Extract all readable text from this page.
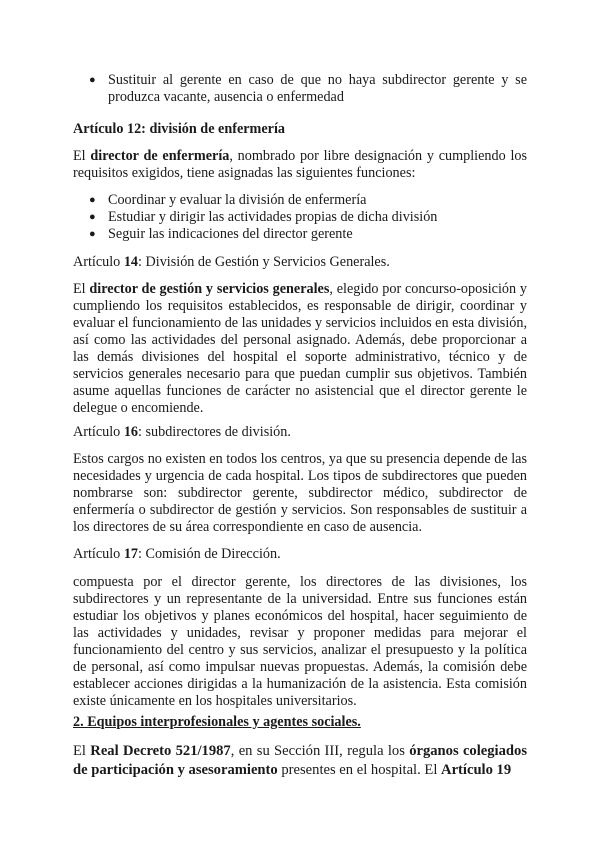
● Sustituir al gerente en caso de que no haya subdirector gerente y se produzca vacante, ausencia o enfermedad

Artículo 12: división de enfermería

El director de enfermería, nombrado por libre designación y cumpliendo los requisitos exigidos, tiene asignadas las siguientes funciones:

● Coordinar y evaluar la división de enfermería
● Estudiar y dirigir las actividades propias de dicha división
● Seguir las indicaciones del director gerente

Artículo 14: División de Gestión y Servicios Generales.

El director de gestión y servicios generales, elegido por concurso-oposición y cumpliendo los requisitos establecidos, es responsable de dirigir, coordinar y evaluar el funcionamiento de las unidades y servicios incluidos en esta división, así como las actividades del personal asignado. Además, debe proporcionar a las demás divisiones del hospital el soporte administrativo, técnico y de servicios generales necesario para que puedan cumplir sus objetivos. También asume aquellas funciones de carácter no asistencial que el director gerente le delegue o encomiende.

Artículo 16: subdirectores de división.

Estos cargos no existen en todos los centros, ya que su presencia depende de las necesidades y urgencia de cada hospital. Los tipos de subdirectores que pueden nombrarse son: subdirector gerente, subdirector médico, subdirector de enfermería o subdirector de gestión y servicios. Son responsables de sustituir a los directores de su área correspondiente en caso de ausencia.

Artículo 17: Comisión de Dirección.

compuesta por el director gerente, los directores de las divisiones, los subdirectores y un representante de la universidad. Entre sus funciones están estudiar los objetivos y planes económicos del hospital, hacer seguimiento de las actividades y unidades, revisar y proponer medidas para mejorar el funcionamiento del centro y sus servicios, analizar el presupuesto y la política de personal, así como impulsar nuevas propuestas. Además, la comisión debe establecer acciones dirigidas a la humanización de la asistencia. Esta comisión existe únicamente en los hospitales universitarios.

2. Equipos interprofesionales y agentes sociales.

El Real Decreto 521/1987, en su Sección III, regula los órganos colegiados de participación y asesoramiento presentes en el hospital. El Artículo 19
